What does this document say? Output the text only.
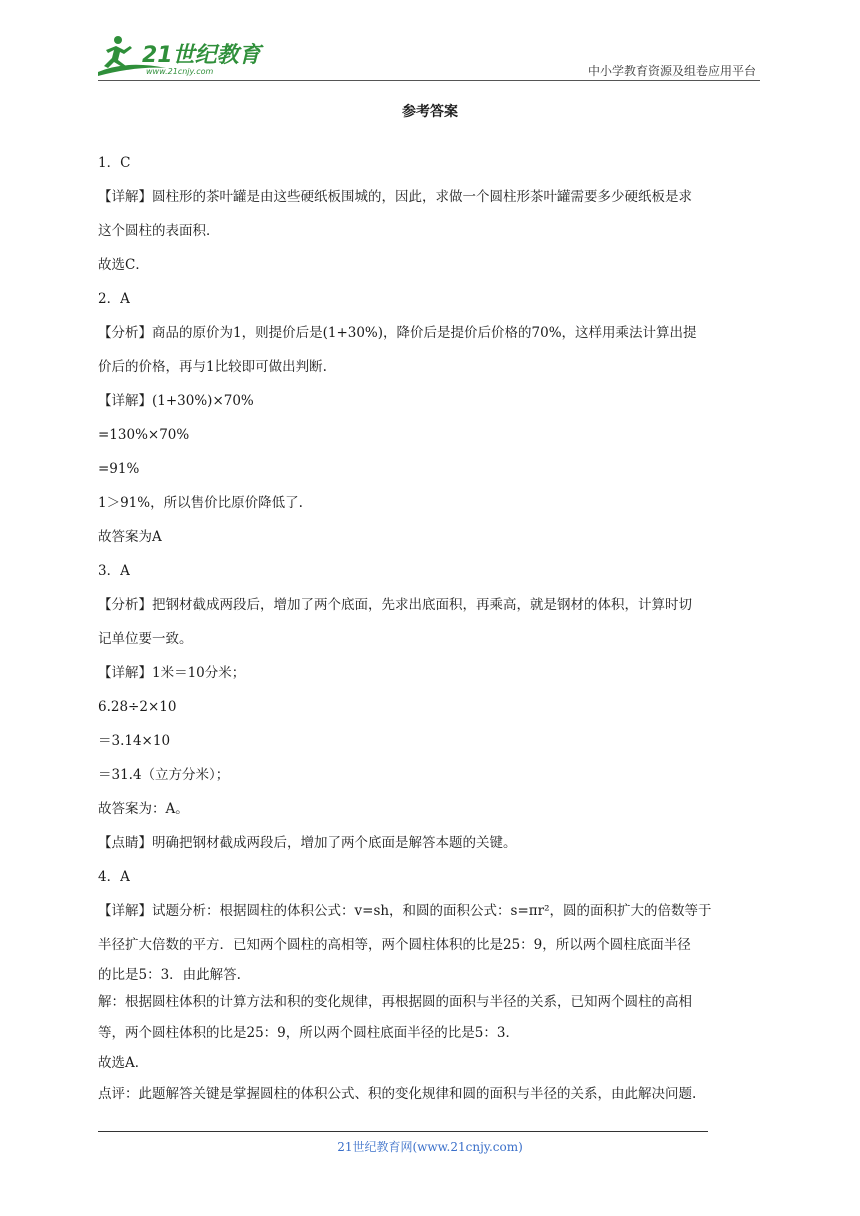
21世纪教育
www.21cnjy.com	中小学教育资源及组卷应用平台
参考答案

1．C

【详解】圆柱形的茶叶罐是由这些硬纸板围城的，因此，求做一个圆柱形茶叶罐需要多少硬纸板是求

这个圆柱的表面积．

故选C．

2．A

【分析】商品的原价为1，则提价后是(1+30%)，降价后是提价后价格的70%，这样用乘法计算出提

价后的价格，再与1比较即可做出判断.

【详解】(1+30%)×70%

=130%×70%

=91%

1＞91%，所以售价比原价降低了.

故答案为A

3．A

【分析】把钢材截成两段后，增加了两个底面，先求出底面积，再乘高，就是钢材的体积，计算时切

记单位要一致。

【详解】1米＝10分米；

6.28÷2×10

＝3.14×10

＝31.4（立方分米）；

故答案为：A。

【点睛】明确把钢材截成两段后，增加了两个底面是解答本题的关键。

4．A

【详解】试题分析：根据圆柱的体积公式：v=sh，和圆的面积公式：s=πr²，圆的面积扩大的倍数等于

半径扩大倍数的平方．已知两个圆柱的高相等，两个圆柱体积的比是25：9，所以两个圆柱底面半径

的比是5：3．由此解答.

解：根据圆柱体积的计算方法和积的变化规律，再根据圆的面积与半径的关系，已知两个圆柱的高相

等，两个圆柱体积的比是25：9，所以两个圆柱底面半径的比是5：3．

故选A．

点评：此题解答关键是掌握圆柱的体积公式、积的变化规律和圆的面积与半径的关系，由此解决问题.

21世纪教育网(www.21cnjy.com)
